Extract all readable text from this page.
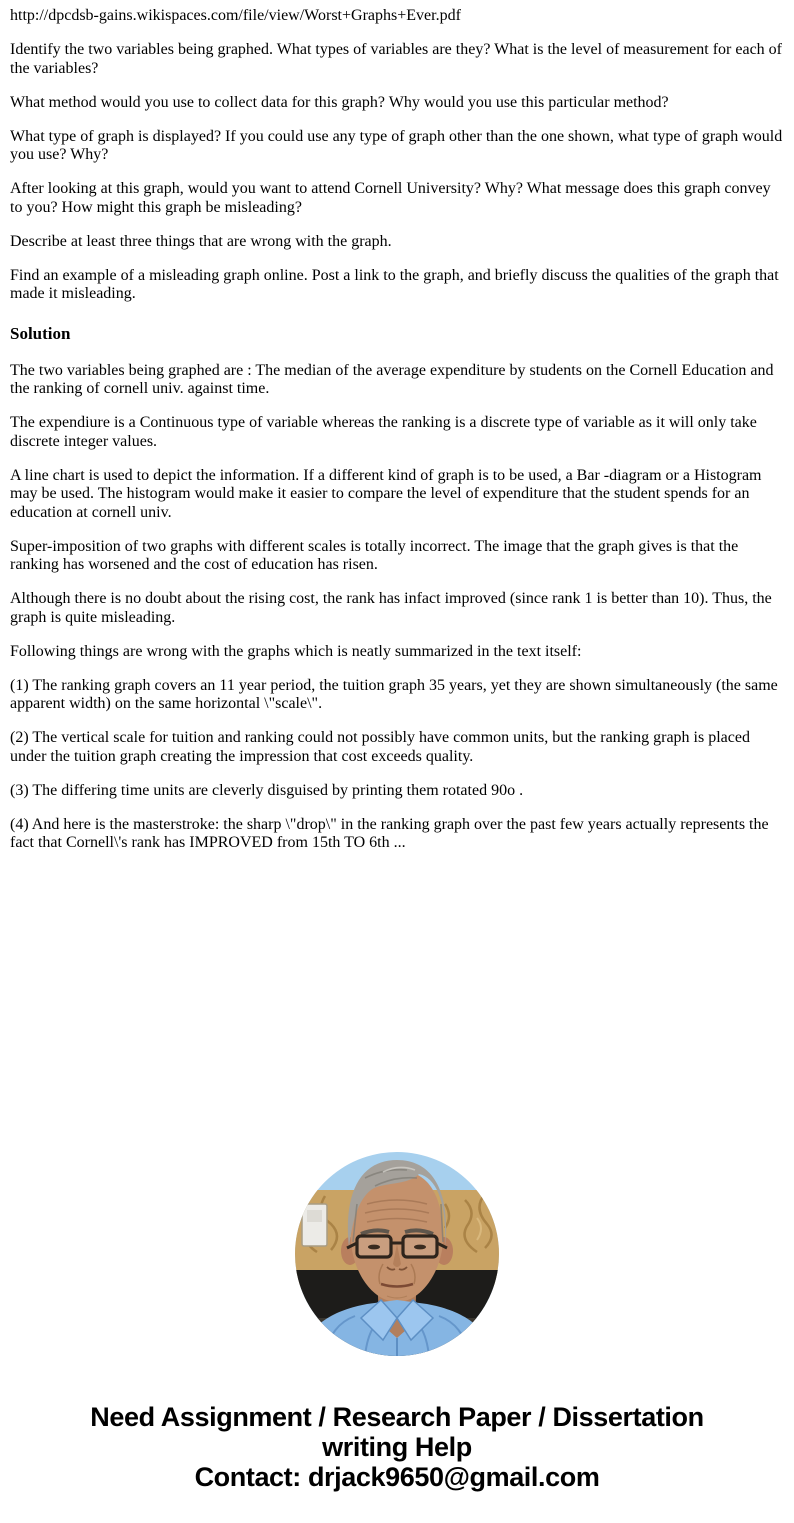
http://dpcdsb-gains.wikispaces.com/file/view/Worst+Graphs+Ever.pdf

Identify the two variables being graphed. What types of variables are they? What is the level of measurement for each of the variables?

What method would you use to collect data for this graph? Why would you use this particular method?

What type of graph is displayed? If you could use any type of graph other than the one shown, what type of graph would you use? Why?

After looking at this graph, would you want to attend Cornell University? Why? What message does this graph convey to you? How might this graph be misleading?

Describe at least three things that are wrong with the graph.

Find an example of a misleading graph online. Post a link to the graph, and briefly discuss the qualities of the graph that made it misleading.

Solution

The two variables being graphed are : The median of the average expenditure by students on the Cornell Education and the ranking of cornell univ. against time.

The expendiure is a Continuous type of variable whereas the ranking is a discrete type of variable as it will only take discrete integer values.

A line chart is used to depict the information. If a different kind of graph is to be used, a Bar -diagram or a Histogram may be used. The histogram would make it easier to compare the level of expenditure that the student spends for an education at cornell univ.

Super-imposition of two graphs with different scales is totally incorrect. The image that the graph gives is that the ranking has worsened and the cost of education has risen.

Although there is no doubt about the rising cost, the rank has infact improved (since rank 1 is better than 10). Thus, the graph is quite misleading.

Following things are wrong with the graphs which is neatly summarized in the text itself:

(1) The ranking graph covers an 11 year period, the tuition graph 35 years, yet they are shown simultaneously (the same apparent width) on the same horizontal \"scale\".

(2) The vertical scale for tuition and ranking could not possibly have common units, but the ranking graph is placed under the tuition graph creating the impression that cost exceeds quality.

(3) The differing time units are cleverly disguised by printing them rotated 90o .

(4) And here is the masterstroke: the sharp \"drop\" in the ranking graph over the past few years actually represents the fact that Cornell\'s rank has IMPROVED from 15th TO 6th ...

Need Assignment / Research Paper / Dissertation
writing Help
Contact: drjack9650@gmail.com
